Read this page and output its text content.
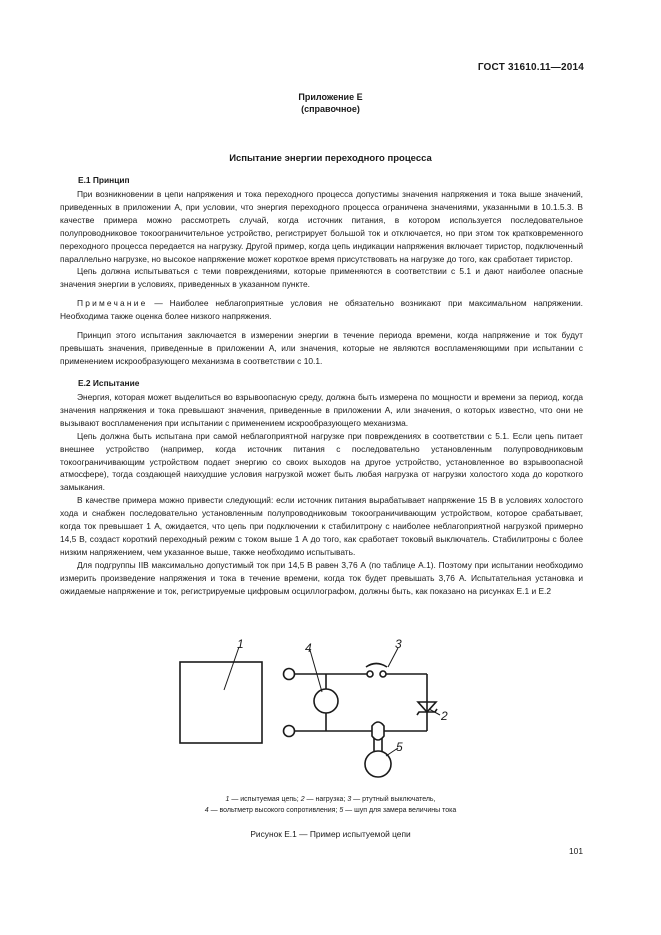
ГОСТ 31610.11—2014
Приложение Е
(справочное)
Испытание энергии переходного процесса
Е.1 Принцип

При возникновении в цепи напряжения и тока переходного процесса допустимы значения напряжения и тока выше значений, приведенных в приложении А, при условии, что энергия переходного процесса ограничена значениями, указанными в 10.1.5.3. В качестве примера можно рассмотреть случай, когда источник питания, в котором используется последовательное полупроводниковое токоограничительное устройство, регистрирует большой ток и отключается, но при этом ток кратковременного переходного процесса передается на нагрузку. Другой пример, когда цепь индикации напряжения включает тиристор, подключенный параллельно нагрузке, но высокое напряжение может короткое время присутствовать на нагрузке до того, как сработает тиристор.

Цепь должна испытываться с теми повреждениями, которые применяются в соответствии с 5.1 и дают наиболее опасные значения энергии в условиях, приведенных в указанном пункте.

Примечание — Наиболее неблагоприятные условия не обязательно возникают при максимальном напряжении. Необходима также оценка более низкого напряжения.

Принцип этого испытания заключается в измерении энергии в течение периода времени, когда напряжение и ток будут превышать значения, приведенные в приложении А, или значения, которые не являются воспламеняющими при испытании с применением искрообразующего механизма в соответствии с 10.1.

Е.2 Испытание

Энергия, которая может выделиться во взрывоопасную среду, должна быть измерена по мощности и времени за период, когда значения напряжения и тока превышают значения, приведенные в приложении А, или значения, о которых известно, что они не вызывают воспламенения при испытании с применением искрообразующего механизма.

Цепь должна быть испытана при самой неблагоприятной нагрузке при повреждениях в соответствии с 5.1. Если цепь питает внешнее устройство (например, когда источник питания с последовательно установленным полупроводниковым токоограничивающим устройством подает энергию со своих выходов на другое устройство, установленное во взрывоопасной атмосфере), тогда создающей наихудшие условия нагрузкой может быть любая нагрузка от нагрузки холостого хода до короткого замыкания.

В качестве примера можно привести следующий: если источник питания вырабатывает напряжение 15 В в условиях холостого хода и снабжен последовательно установленным полупроводниковым токоограничивающим устройством, которое срабатывает, когда ток превышает 1 А, ожидается, что цепь при подключении к стабилитрону с наиболее неблагоприятной нагрузкой примерно 14,5 В, создаст короткий переходный режим с током выше 1 А до того, как сработает токовый выключатель. Стабилитроны с более низким напряжением, чем указанное выше, также необходимо испытывать.

Для подгруппы IIВ максимально допустимый ток при 14,5 В равен 3,76 А (по таблице А.1). Поэтому при испытании необходимо измерить произведение напряжения и тока в течение времени, когда ток будет превышать 3,76 А. Испытательная установка и ожидаемые напряжение и ток, регистрируемые цифровым осциллографом, должны быть, как показано на рисунках Е.1 и Е.2

1
2
3
4
5
1 — испытуемая цепь; 2 — нагрузка; 3 — ртутный выключатель,
4 — вольтметр высокого сопротивления; 5 — шуп для замера величины тока
Рисунок Е.1 — Пример испытуемой цепи
101
